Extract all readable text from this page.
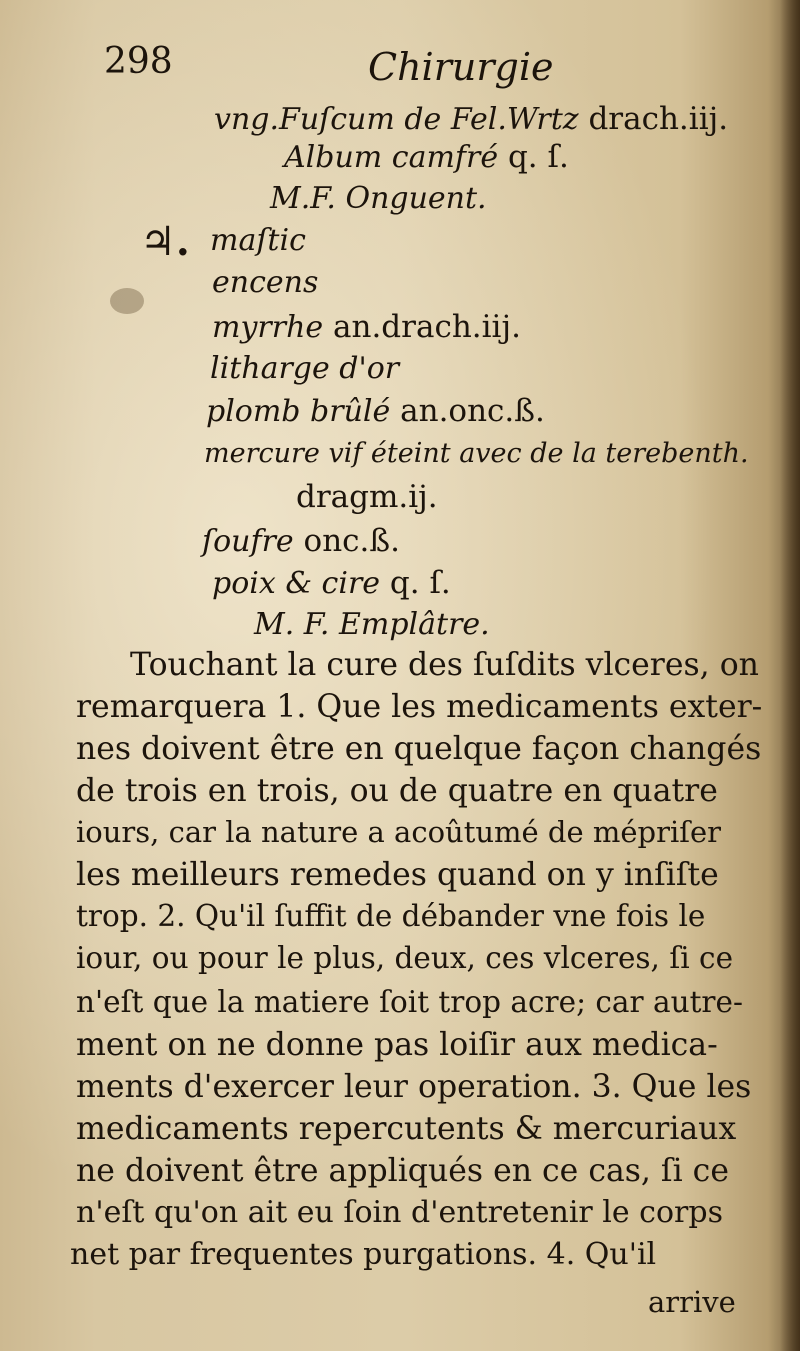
298	Chirurgie
vng.Fuſcum de Fel.Wrtz drach.iij.
Album camfré q. ſ.
M.F. Onguent.
♃. maſtic
encens
myrrhe an.drach.iij.
litharge d'or
plomb brûlé an.onc.ß.
mercure vif éteint avec de la terebenth.
dragm.ij.
ſoufre onc.ß.
poix & cire q. ſ.
M. F. Emplâtre.
Touchant la cure des ſuſdits vlceres, on
remarquera 1. Que les medicaments exter-
nes doivent être en quelque façon changés
de trois en trois, ou de quatre en quatre
iours, car la nature a acoûtumé de mépriſer
les meilleurs remedes quand on y inſiſte
trop. 2. Qu'il ſuffit de débander vne fois le
iour, ou pour le plus, deux, ces vlceres, ſi ce
n'eſt que la matiere ſoit trop acre; car autre-
ment on ne donne pas loiſir aux medica-
ments d'exercer leur operation. 3. Que les
medicaments repercutents & mercuriaux
ne doivent être appliqués en ce cas, ſi ce
n'eſt qu'on ait eu ſoin d'entretenir le corps
net par frequentes purgations. 4. Qu'il
arrive
